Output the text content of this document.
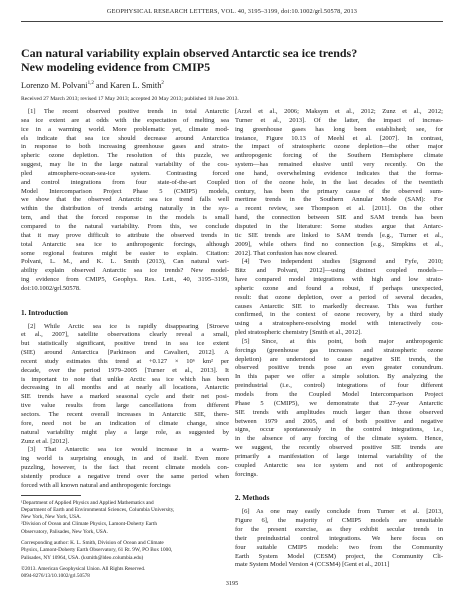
GEOPHYSICAL RESEARCH LETTERS, VOL. 40, 3195–3199, doi:10.1002/grl.50578, 2013
Can natural variability explain observed Antarctic sea ice trends?
New modeling evidence from CMIP5
Lorenzo M. Polvani$^{1,2}$ and Karen L. Smith$^2$
Received 27 March 2013; revised 17 May 2013; accepted 20 May 2013; published 18 June 2013.
[1] The recent observed positive trends in total Antarctic
sea ice extent are at odds with the expectation of melting sea
ice in a warming world. More problematic yet, climate mod-
els indicate that sea ice should decrease around Antarctica
in response to both increasing greenhouse gases and strato-
spheric ozone depletion. The resolution of this puzzle, we
suggest, may lie in the large natural variability of the cou-
pled atmosphere-ocean-sea-ice system. Contrasting forced
and control integrations from four state-of-the-art Coupled
Model Intercomparison Project Phase 5 (CMIP5) models,
we show that the observed Antarctic sea ice trend falls well
within the distribution of trends arising naturally in the sys-
tem, and that the forced response in the models is small
compared to the natural variability. From this, we conclude
that it may prove difficult to attribute the observed trends in
total Antarctic sea ice to anthropogenic forcings, although
some regional features might be easier to explain. Citation:
Polvani, L. M., and K. L. Smith (2013), Can natural vari-
ability explain observed Antarctic sea ice trends? New model-
ing evidence from CMIP5, Geophys. Res. Lett., 40, 3195–3199,
doi:10.1002/grl.50578.
1. Introduction
[2] While Arctic sea ice is rapidly disappearing [Stroeve
et al., 2007], satellite observations clearly reveal a small,
but statistically significant, positive trend in sea ice extent
(SIE) around Antarctica [Parkinson and Cavalieri, 2012]. A
recent study estimates this trend at +0.127 × 10⁶ km² per
decade, over the period 1979–2005 [Turner et al., 2013]. It
is important to note that unlike Arctic sea ice which has been
decreasing in all months and at nearly all locations, Antarctic
SIE trends have a marked seasonal cycle and their net posi-
tive value results from large cancellations from different
sectors. The recent overall increases in Antarctic SIE, there-
fore, need not be an indication of climate change, since
natural variability might play a large role, as suggested by
Zunz et al. [2012].
[3] That Antarctic sea ice would increase in a warm-
ing world is surprising enough, in and of itself. Even more
puzzling, however, is the fact that recent climate models con-
sistently produce a negative trend over the same period when
forced with all known natural and anthropogenic forcings
¹Department of Applied Physics and Applied Mathematics and
Department of Earth and Environmental Sciences, Columbia University,
New York, New York, USA.
²Division of Ocean and Climate Physics, Lamont-Doherty Earth
Observatory, Palisades, New York, USA.
Corresponding author: K. L. Smith, Division of Ocean and Climate
Physics, Lamont-Doherty Earth Observatory, 61 Rt. 9W, PO Box 1000,
Palisades, NY 10964, USA. (ksmith@ldeo.columbia.edu)
©2013. American Geophysical Union. All Rights Reserved.
0094-8276/13/10.1002/grl.50578
[Arzel et al., 2006; Maksym et al., 2012; Zunz et al., 2012;
Turner et al., 2013]. Of the latter, the impact of increas-
ing greenhouse gases has long been established; see, for
instance, Figure 10.13 of Meehl et al. [2007]. In contrast,
the impact of stratospheric ozone depletion—the other major
anthropogenic forcing of the Southern Hemisphere climate
system—has remained elusive until very recently. On the
one hand, overwhelming evidence indicates that the forma-
tion of the ozone hole, in the last decades of the twentieth
century, has been the primary cause of the observed sum-
mertime trends in the Southern Annular Mode (SAM): For
a recent review, see Thompson et al. [2011]. On the other
hand, the connection between SIE and SAM trends has been
disputed in the literature: Some studies argue that Antarc-
tic SIE trends are linked to SAM trends [e.g., Turner et al.,
2009], while others find no connection [e.g., Simpkins et al.,
2012]. That confusion has now cleared.
[4] Two independent studies [Sigmond and Fyfe, 2010;
Bitz and Polvani, 2012]—using distinct coupled models—
have compared model integrations with high and low strato-
spheric ozone and found a robust, if perhaps unexpected,
result: that ozone depletion, over a period of several decades,
causes Antarctic SIE to markedly decrease. This was further
confirmed, in the context of ozone recovery, by a third study
using a stratosphere-resolving model with interactively cou-
pled stratospheric chemistry [Smith et al., 2012].
[5] Since, at this point, both major anthropogenic
forcings (greenhouse gas increases and stratospheric ozone
depletion) are understood to cause negative SIE trends, the
observed positive trends pose an even greater conundrum.
In this paper we offer a simple solution. By analyzing the
preindustrial (i.e., control) integrations of four different
models from the Coupled Model Intercomparison Project
Phase 5 (CMIP5), we demonstrate that 27-year Antarctic
SIE trends with amplitudes much larger than those observed
between 1979 and 2005, and of both positive and negative
signs, occur spontaneously in the control integrations, i.e.,
in the absence of any forcing of the climate system. Hence,
we suggest, the recently observed positive SIE trends are
primarily a manifestation of large internal variability of the
coupled Antarctic sea ice system and not of anthropogenic
forcings.
2. Methods
[6] As one may easily conclude from Turner et al. [2013,
Figure 6], the majority of CMIP5 models are unsuitable
for the present exercise, as they exhibit secular trends in
their preindustrial control integrations. We here focus on
four suitable CMIP5 models: two from the Community
Earth System Model (CESM) project, the Community Cli-
mate System Model Version 4 (CCSM4) [Gent et al., 2011]
3195
